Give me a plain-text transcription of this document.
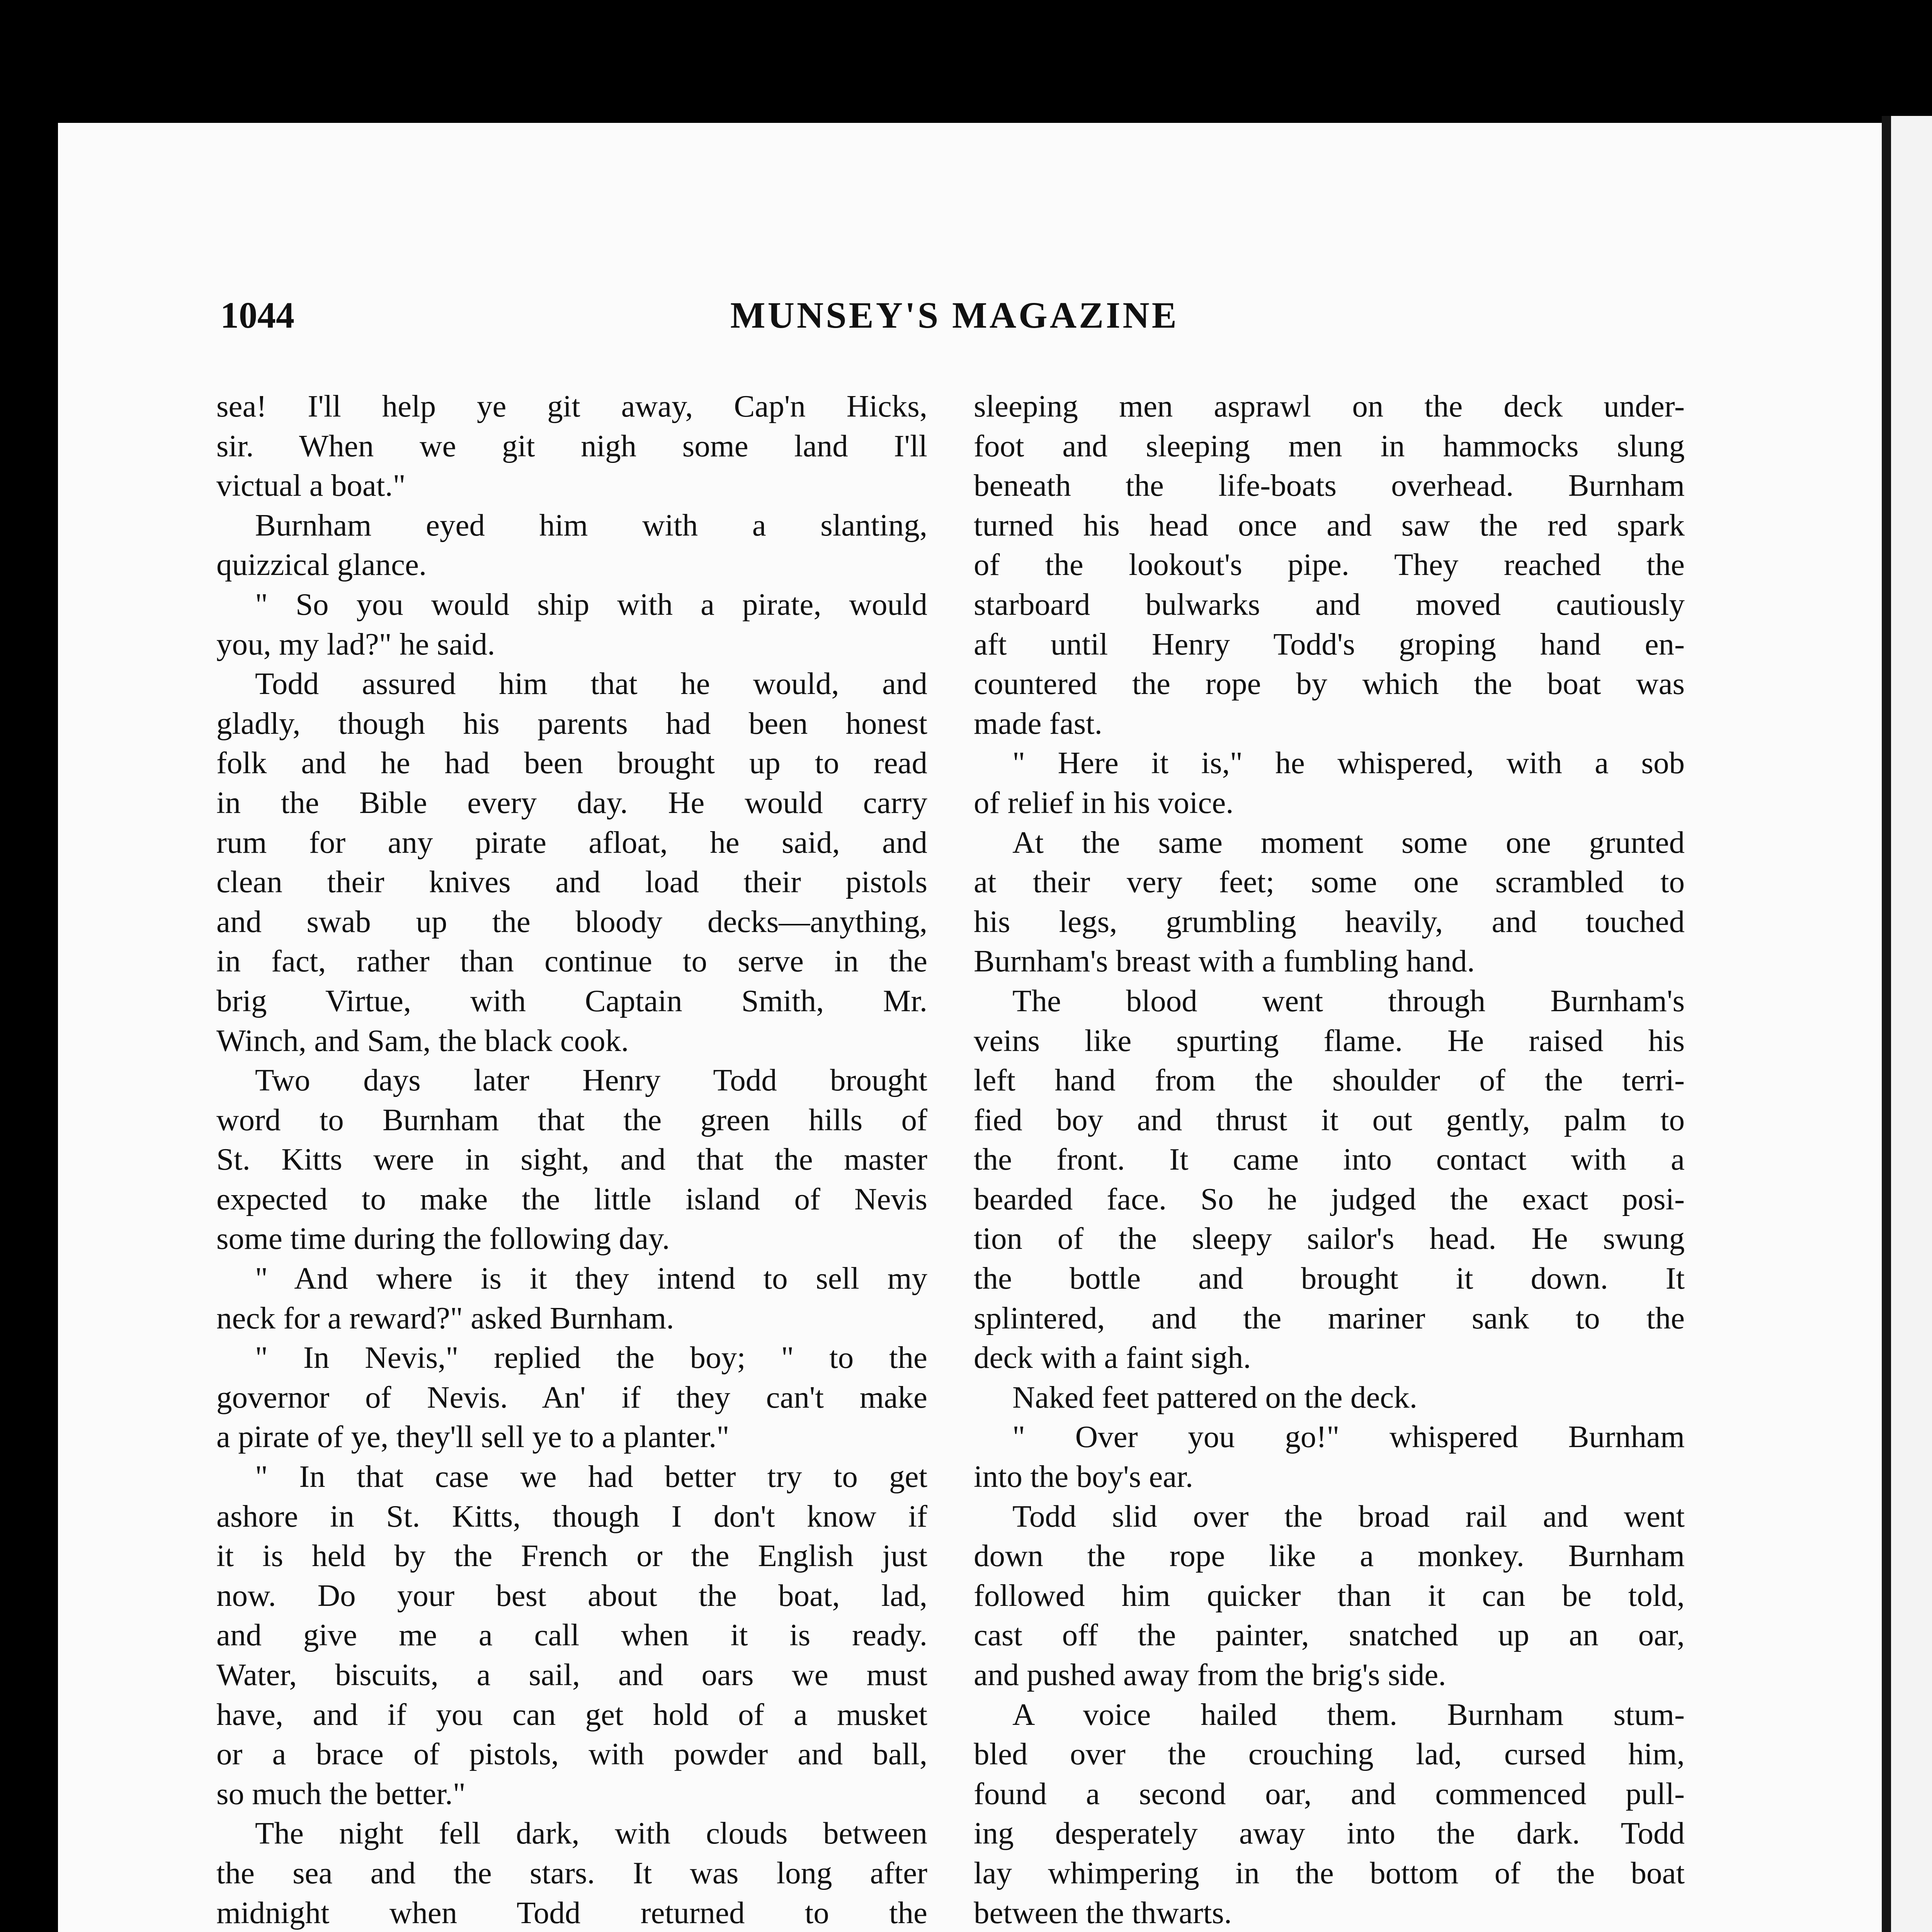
1044	MUNSEY'S MAGAZINE
sea! I'll help ye git away, Cap'n Hicks,
sir. When we git nigh some land I'll
victual a boat."
Burnham eyed him with a slanting,
quizzical glance.
" So you would ship with a pirate, would
you, my lad?" he said.
Todd assured him that he would, and
gladly, though his parents had been honest
folk and he had been brought up to read
in the Bible every day. He would carry
rum for any pirate afloat, he said, and
clean their knives and load their pistols
and swab up the bloody decks—anything,
in fact, rather than continue to serve in the
brig Virtue, with Captain Smith, Mr.
Winch, and Sam, the black cook.
Two days later Henry Todd brought
word to Burnham that the green hills of
St. Kitts were in sight, and that the master
expected to make the little island of Nevis
some time during the following day.
" And where is it they intend to sell my
neck for a reward?" asked Burnham.
" In Nevis," replied the boy; " to the
governor of Nevis. An' if they can't make
a pirate of ye, they'll sell ye to a planter."
" In that case we had better try to get
ashore in St. Kitts, though I don't know if
it is held by the French or the English just
now. Do your best about the boat, lad,
and give me a call when it is ready.
Water, biscuits, a sail, and oars we must
have, and if you can get hold of a musket
or a brace of pistols, with powder and ball,
so much the better."
The night fell dark, with clouds between
the sea and the stars. It was long after
midnight when Todd returned to the
sleeping men asprawl on the deck under-
foot and sleeping men in hammocks slung
beneath the life-boats overhead. Burnham
turned his head once and saw the red spark
of the lookout's pipe. They reached the
starboard bulwarks and moved cautiously
aft until Henry Todd's groping hand en-
countered the rope by which the boat was
made fast.
" Here it is," he whispered, with a sob
of relief in his voice.
At the same moment some one grunted
at their very feet; some one scrambled to
his legs, grumbling heavily, and touched
Burnham's breast with a fumbling hand.
The blood went through Burnham's
veins like spurting flame. He raised his
left hand from the shoulder of the terri-
fied boy and thrust it out gently, palm to
the front. It came into contact with a
bearded face. So he judged the exact posi-
tion of the sleepy sailor's head. He swung
the bottle and brought it down. It
splintered, and the mariner sank to the
deck with a faint sigh.
Naked feet pattered on the deck.
" Over you go!" whispered Burnham
into the boy's ear.
Todd slid over the broad rail and went
down the rope like a monkey. Burnham
followed him quicker than it can be told,
cast off the painter, snatched up an oar,
and pushed away from the brig's side.
A voice hailed them. Burnham stum-
bled over the crouching lad, cursed him,
found a second oar, and commenced pull-
ing desperately away into the dark. Todd
lay whimpering in the bottom of the boat
between the thwarts.
